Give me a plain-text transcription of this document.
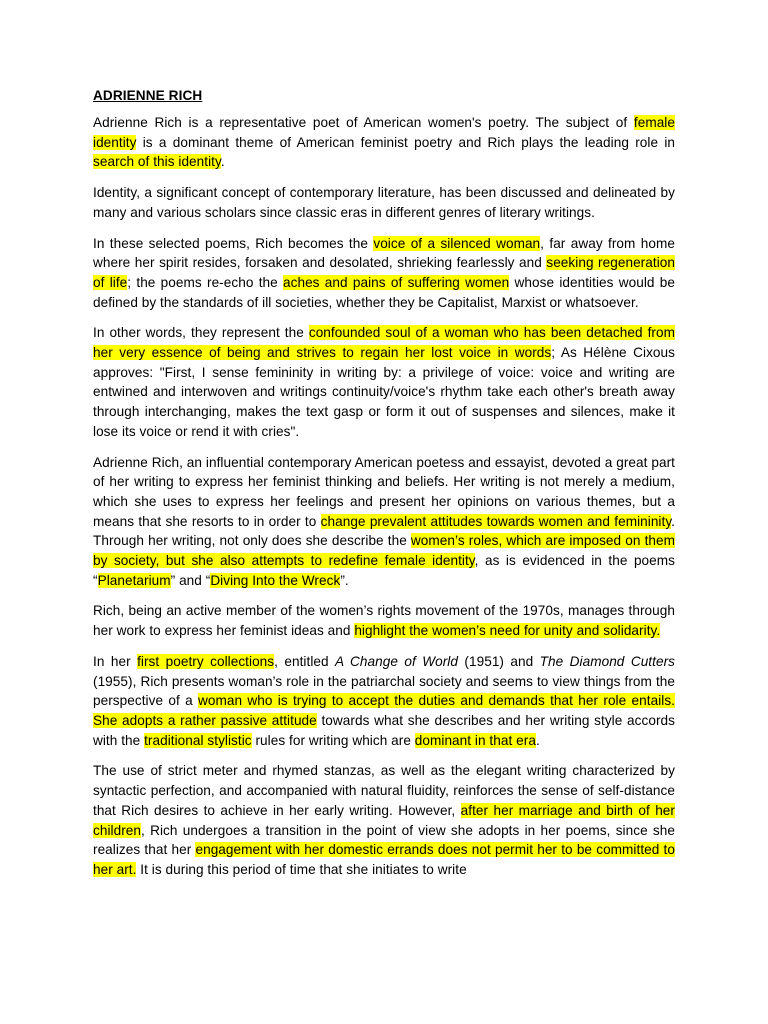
ADRIENNE RICH

Adrienne Rich is a representative poet of American women's poetry. The subject of female identity is a dominant theme of American feminist poetry and Rich plays the leading role in search of this identity.

Identity, a significant concept of contemporary literature, has been discussed and delineated by many and various scholars since classic eras in different genres of literary writings.

In these selected poems, Rich becomes the voice of a silenced woman, far away from home where her spirit resides, forsaken and desolated, shrieking fearlessly and seeking regeneration of life; the poems re-echo the aches and pains of suffering women whose identities would be defined by the standards of ill societies, whether they be Capitalist, Marxist or whatsoever.

In other words, they represent the confounded soul of a woman who has been detached from her very essence of being and strives to regain her lost voice in words; As Hélène Cixous approves: "First, I sense femininity in writing by: a privilege of voice: voice and writing are entwined and interwoven and writings continuity/voice's rhythm take each other's breath away through interchanging, makes the text gasp or form it out of suspenses and silences, make it lose its voice or rend it with cries".

Adrienne Rich, an influential contemporary American poetess and essayist, devoted a great part of her writing to express her feminist thinking and beliefs. Her writing is not merely a medium, which she uses to express her feelings and present her opinions on various themes, but a means that she resorts to in order to change prevalent attitudes towards women and femininity. Through her writing, not only does she describe the women’s roles, which are imposed on them by society, but she also attempts to redefine female identity, as is evidenced in the poems “Planetarium” and “Diving Into the Wreck”.

Rich, being an active member of the women’s rights movement of the 1970s, manages through her work to express her feminist ideas and highlight the women’s need for unity and solidarity.

In her first poetry collections, entitled A Change of World (1951) and The Diamond Cutters (1955), Rich presents woman’s role in the patriarchal society and seems to view things from the perspective of a woman who is trying to accept the duties and demands that her role entails. She adopts a rather passive attitude towards what she describes and her writing style accords with the traditional stylistic rules for writing which are dominant in that era.

The use of strict meter and rhymed stanzas, as well as the elegant writing characterized by syntactic perfection, and accompanied with natural fluidity, reinforces the sense of self-distance that Rich desires to achieve in her early writing. However, after her marriage and birth of her children, Rich undergoes a transition in the point of view she adopts in her poems, since she realizes that her engagement with her domestic errands does not permit her to be committed to her art. It is during this period of time that she initiates to write
